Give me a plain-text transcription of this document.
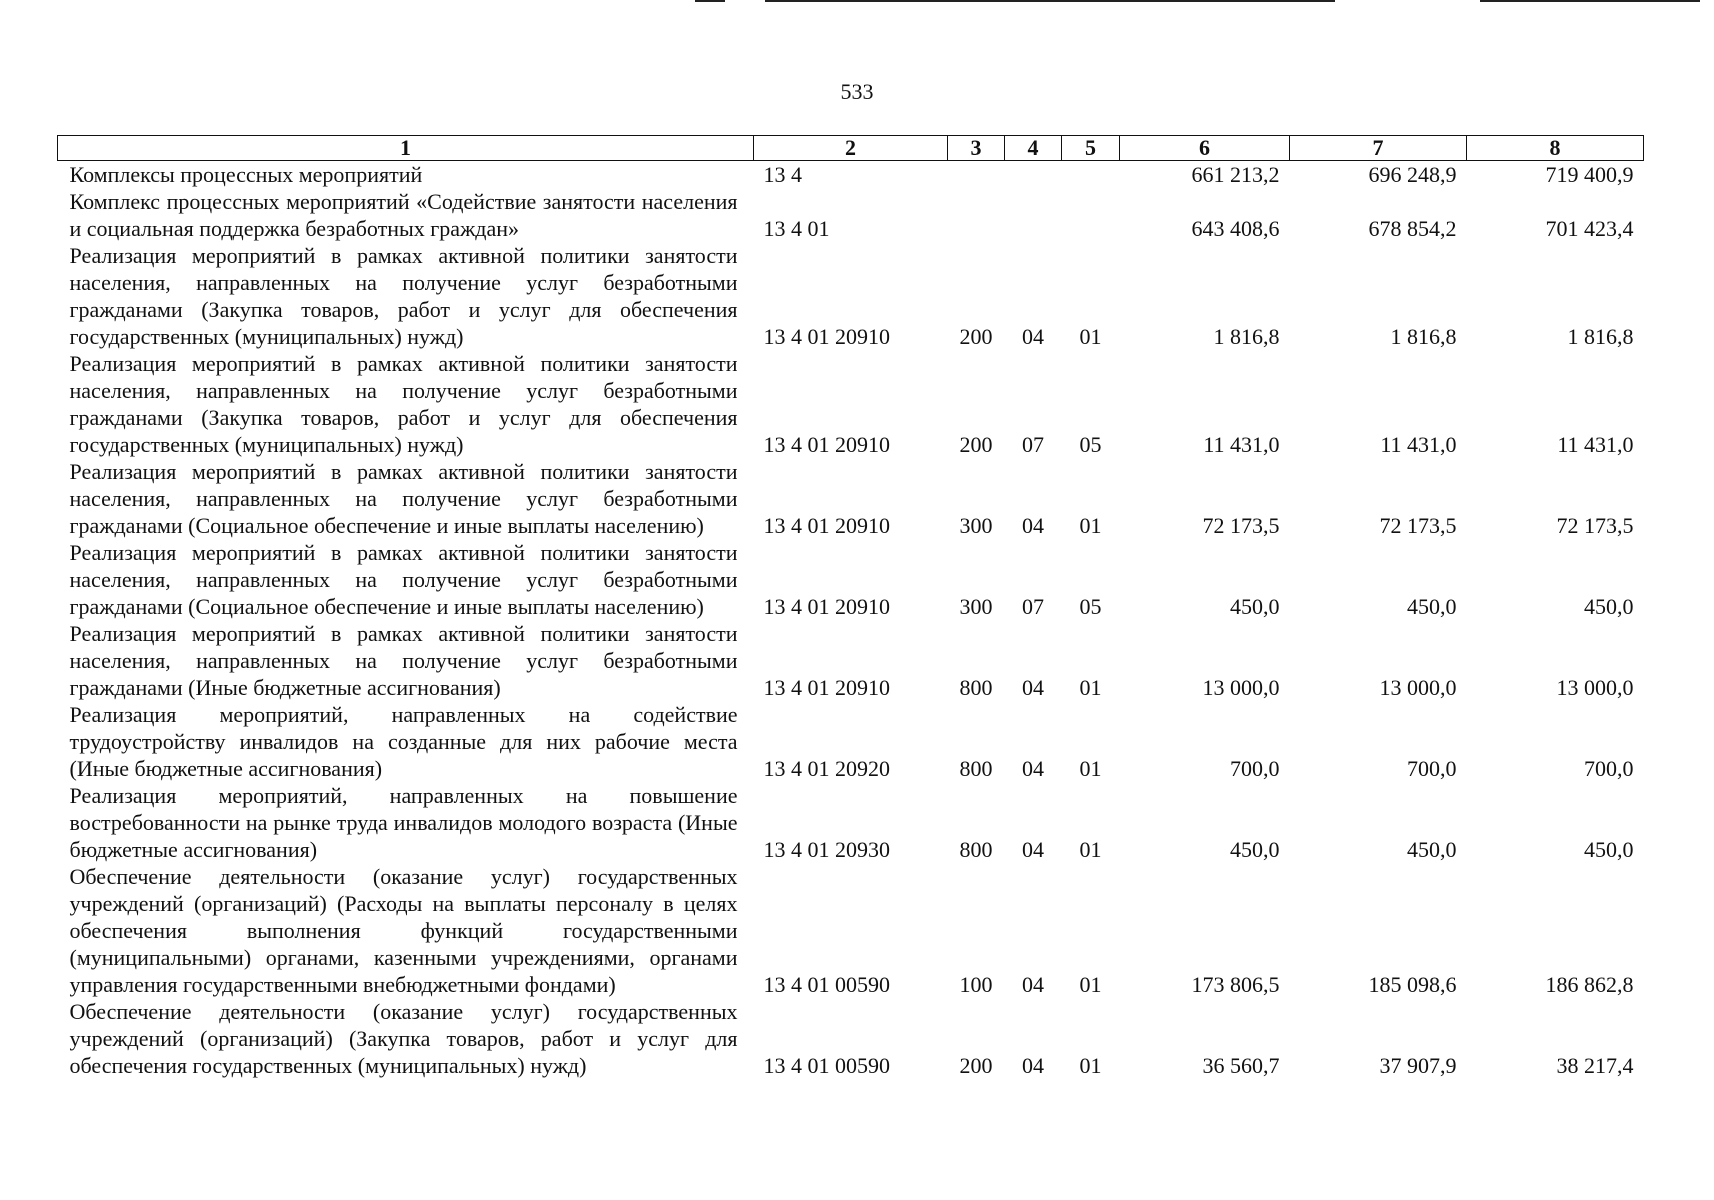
533
1	2	3	4	5	6	7	8
Комплексы процессных мероприятий	13 4				661 213,2	696 248,9	719 400,9
Комплекс процессных мероприятий «Содействие занятости населения и социальная поддержка безработных граждан»	13 4 01				643 408,6	678 854,2	701 423,4
Реализация мероприятий в рамках активной политики занятости населения, направленных на получение услуг безработными гражданами (Закупка товаров, работ и услуг для обеспечения государственных (муниципальных) нужд)	13 4 01 20910	200	04	01	1 816,8	1 816,8	1 816,8
Реализация мероприятий в рамках активной политики занятости населения, направленных на получение услуг безработными гражданами (Закупка товаров, работ и услуг для обеспечения государственных (муниципальных) нужд)	13 4 01 20910	200	07	05	11 431,0	11 431,0	11 431,0
Реализация мероприятий в рамках активной политики занятости населения, направленных на получение услуг безработными гражданами (Социальное обеспечение и иные выплаты населению)	13 4 01 20910	300	04	01	72 173,5	72 173,5	72 173,5
Реализация мероприятий в рамках активной политики занятости населения, направленных на получение услуг безработными гражданами (Социальное обеспечение и иные выплаты населению)	13 4 01 20910	300	07	05	450,0	450,0	450,0
Реализация мероприятий в рамках активной политики занятости населения, направленных на получение услуг безработными гражданами (Иные бюджетные ассигнования)	13 4 01 20910	800	04	01	13 000,0	13 000,0	13 000,0
Реализация мероприятий, направленных на содействие трудоустройству инвалидов на созданные для них рабочие места (Иные бюджетные ассигнования)	13 4 01 20920	800	04	01	700,0	700,0	700,0
Реализация мероприятий, направленных на повышение востребованности на рынке труда инвалидов молодого возраста (Иные бюджетные ассигнования)	13 4 01 20930	800	04	01	450,0	450,0	450,0
Обеспечение деятельности (оказание услуг) государственных учреждений (организаций) (Расходы на выплаты персоналу в целях обеспечения выполнения функций государственными (муниципальными) органами, казенными учреждениями, органами управления государственными внебюджетными фондами)	13 4 01 00590	100	04	01	173 806,5	185 098,6	186 862,8
Обеспечение деятельности (оказание услуг) государственных учреждений (организаций) (Закупка товаров, работ и услуг для обеспечения государственных (муниципальных) нужд)	13 4 01 00590	200	04	01	36 560,7	37 907,9	38 217,4
